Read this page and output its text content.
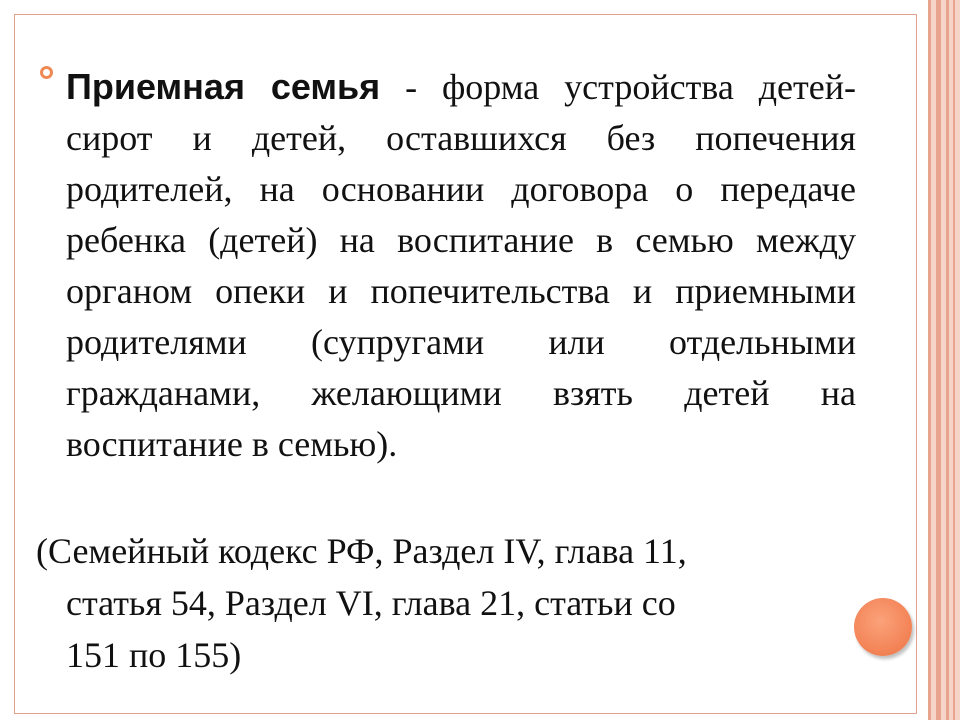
Приемная семья - форма устройства детей-сирот и детей, оставшихся без попечения родителей, на основании договора о передаче ребенка (детей) на воспитание в семью между органом опеки и попечительства и приемными родителями (супругами или отдельными гражданами, желающими взять детей на воспитание в семью).
(Семейный кодекс РФ, Раздел IV, глава 11,
статья 54, Раздел VI, глава 21, статьи со
151 по 155)
